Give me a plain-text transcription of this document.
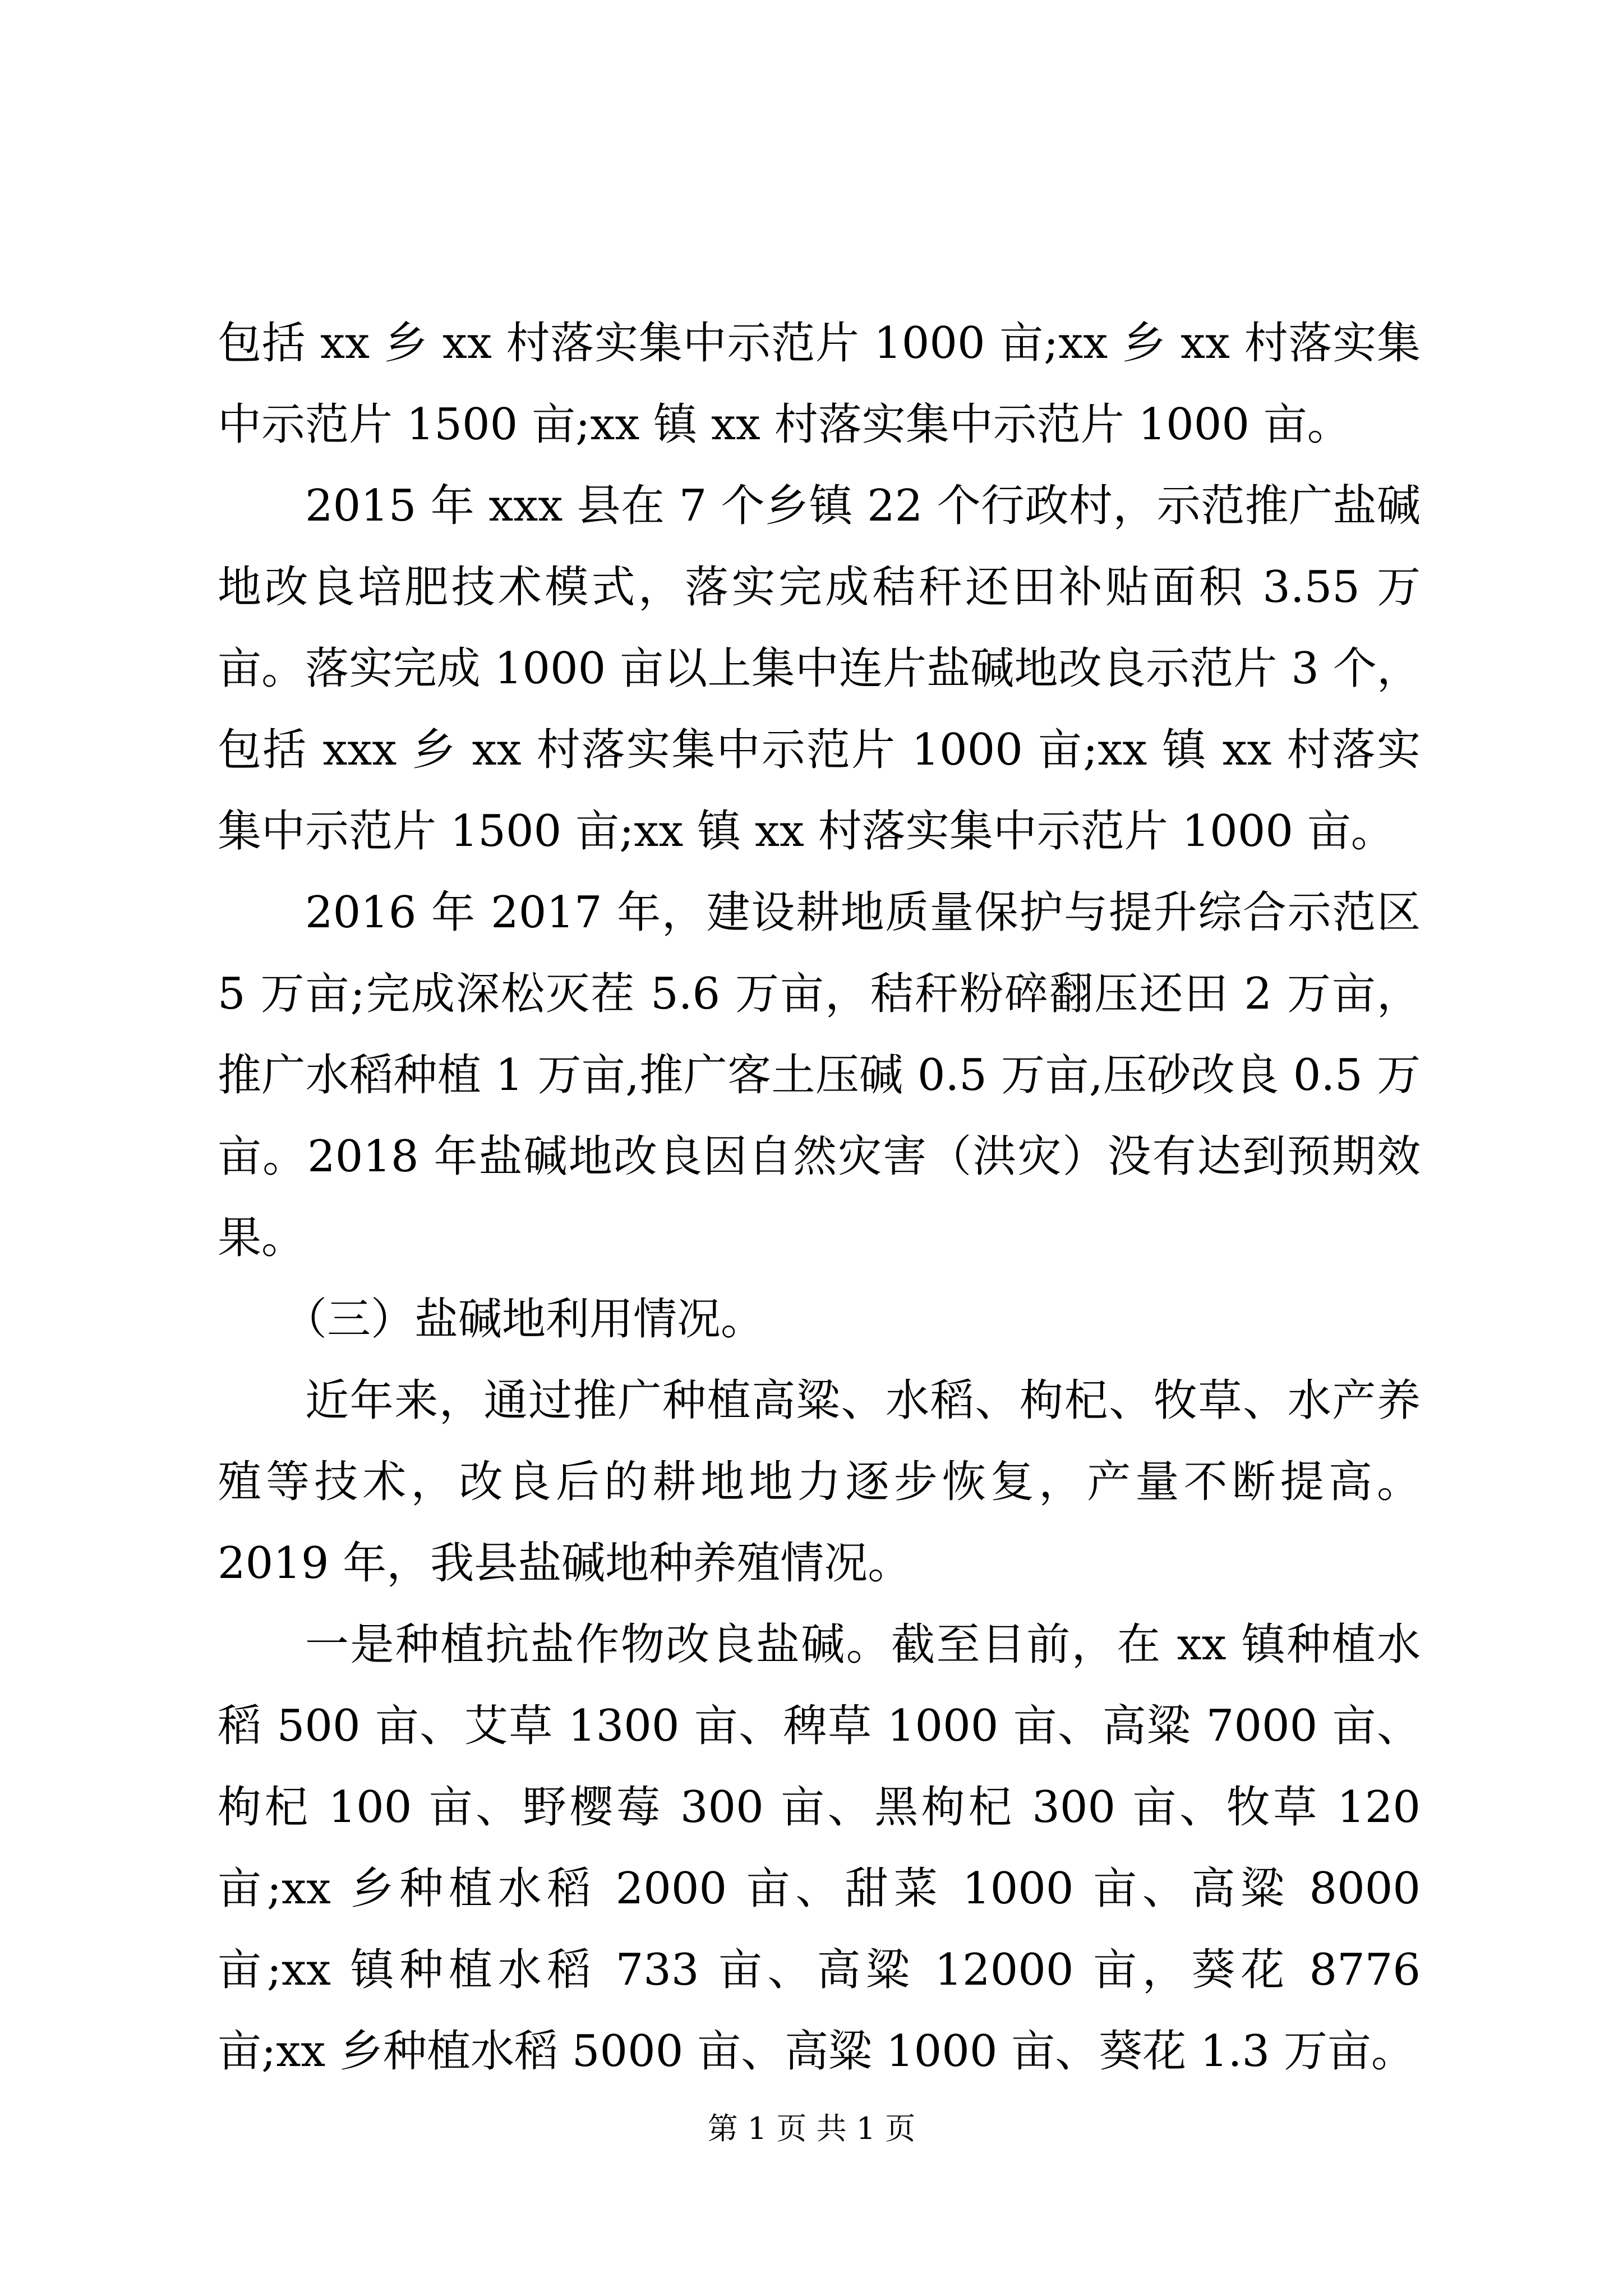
包括 xx 乡 xx 村落实集中示范片 1000 亩;xx 乡 xx 村落实集中示范片 1500 亩;xx 镇 xx 村落实集中示范片 1000 亩。

2015 年 xxx 县在 7 个乡镇 22 个行政村，示范推广盐碱地改良培肥技术模式，落实完成秸秆还田补贴面积 3.55 万亩。落实完成 1000 亩以上集中连片盐碱地改良示范片 3 个，包括 xxx 乡 xx 村落实集中示范片 1000 亩;xx 镇 xx 村落实集中示范片 1500 亩;xx 镇 xx 村落实集中示范片 1000 亩。

2016 年 2017 年，建设耕地质量保护与提升综合示范区 5 万亩;完成深松灭茬 5.6 万亩，秸秆粉碎翻压还田 2 万亩，推广水稻种植 1 万亩,推广客土压碱 0.5 万亩,压砂改良 0.5 万亩。2018 年盐碱地改良因自然灾害（洪灾）没有达到预期效果。

（三）盐碱地利用情况。

近年来，通过推广种植高粱、水稻、枸杞、牧草、水产养殖等技术，改良后的耕地地力逐步恢复，产量不断提高。2019 年，我县盐碱地种养殖情况。

一是种植抗盐作物改良盐碱。截至目前，在 xx 镇种植水稻 500 亩、艾草 1300 亩、稗草 1000 亩、高粱 7000 亩、枸杞 100 亩、野樱莓 300 亩、黑枸杞 300 亩、牧草 120 亩;xx 乡种植水稻 2000 亩、甜菜 1000 亩、高粱 8000 亩;xx 镇种植水稻 733 亩、高粱 12000 亩，葵花 8776 亩;xx 乡种植水稻 5000 亩、高粱 1000 亩、葵花 1.3 万亩。

第 1 页 共 1 页
